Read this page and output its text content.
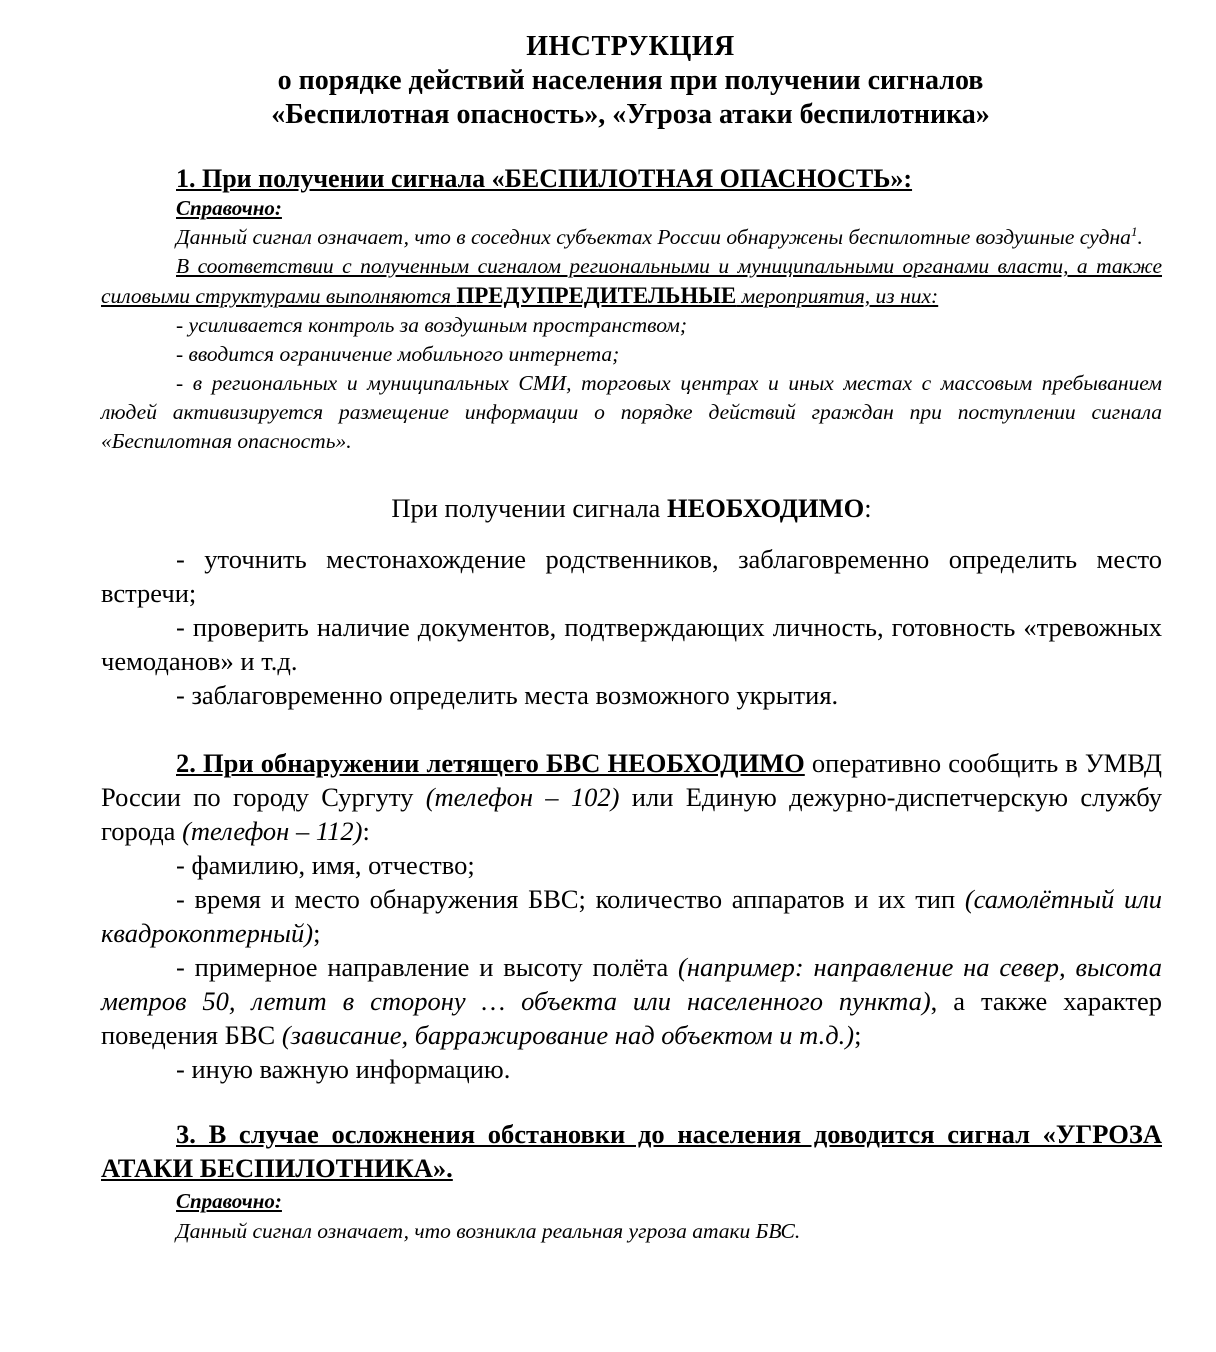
ИНСТРУКЦИЯ
о порядке действий населения при получении сигналов
«Беспилотная опасность», «Угроза атаки беспилотника»
1. При получении сигнала «БЕСПИЛОТНАЯ ОПАСНОСТЬ»:
Справочно:
Данный сигнал означает, что в соседних субъектах России обнаружены беспилотные воздушные судна$^1$.
В соответствии с полученным сигналом региональными и муниципальными органами власти, а также силовыми структурами выполняются ПРЕДУПРЕДИТЕЛЬНЫЕ мероприятия, из них:
- усиливается контроль за воздушным пространством;
- вводится ограничение мобильного интернета;
- в региональных и муниципальных СМИ, торговых центрах и иных местах с массовым пребыванием людей активизируется размещение информации о порядке действий граждан при поступлении сигнала «Беспилотная опасность».
При получении сигнала НЕОБХОДИМО:
- уточнить местонахождение родственников, заблаговременно определить место встречи;
- проверить наличие документов, подтверждающих личность, готовность «тревожных чемоданов» и т.д.
- заблаговременно определить места возможного укрытия.
2. При обнаружении летящего БВС НЕОБХОДИМО оперативно сообщить в УМВД России по городу Сургуту (телефон – 102) или Единую дежурно-диспетчерскую службу города (телефон – 112):
- фамилию, имя, отчество;
- время и место обнаружения БВС; количество аппаратов и их тип (самолётный или квадрокоптерный);
- примерное направление и высоту полёта (например: направление на север, высота метров 50, летит в сторону … объекта или населенного пункта), а также характер поведения БВС (зависание, барражирование над объектом и т.д.);
- иную важную информацию.
3. В случае осложнения обстановки до населения доводится сигнал «УГРОЗА АТАКИ БЕСПИЛОТНИКА».
Справочно:
Данный сигнал означает, что возникла реальная угроза атаки БВС.
